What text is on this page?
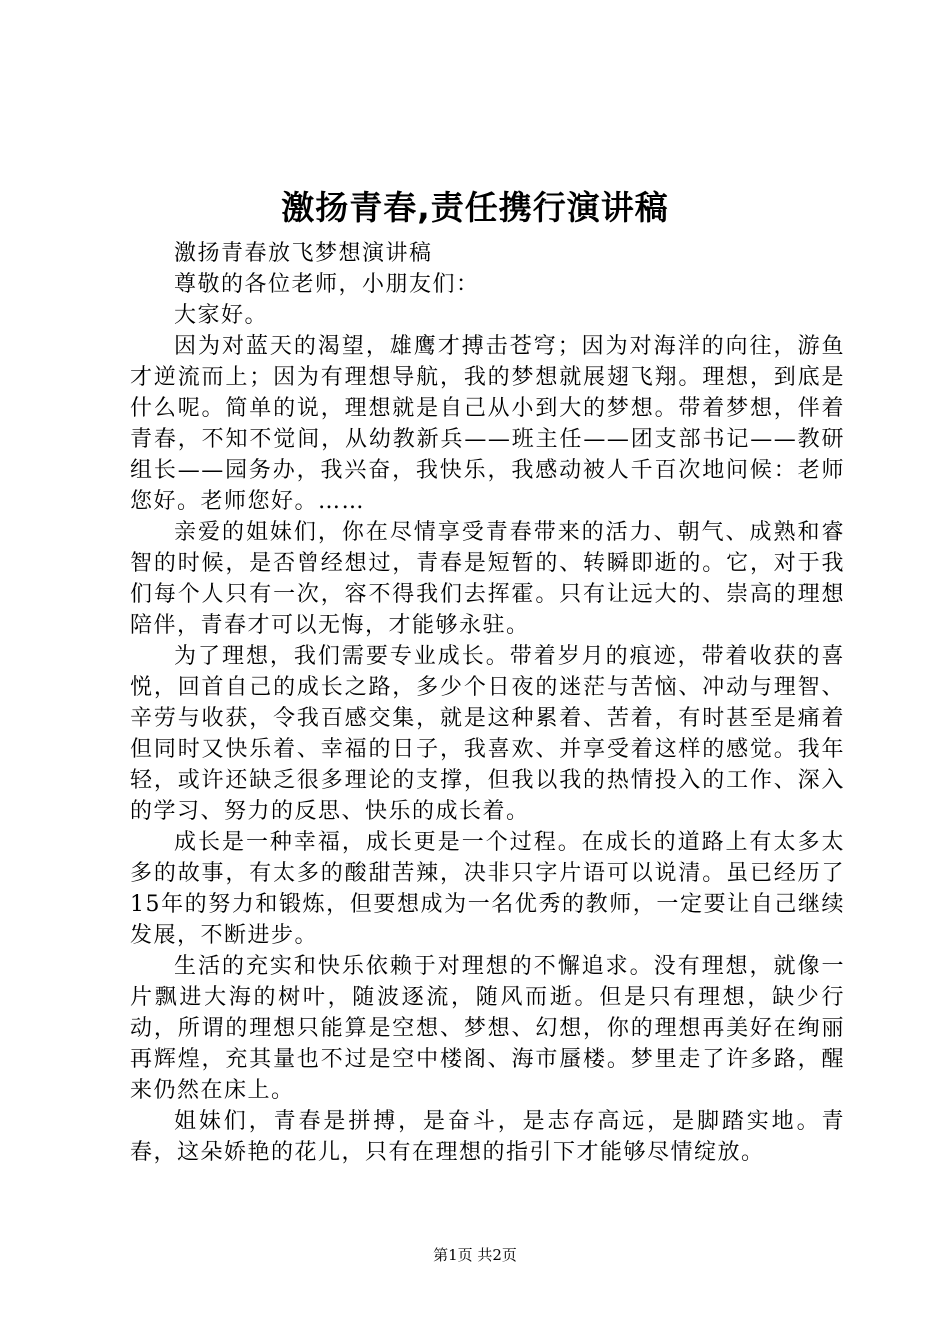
激扬青春,责任携行演讲稿

激扬青春放飞梦想演讲稿

尊敬的各位老师，小朋友们：

大家好。

因为对蓝天的渴望，雄鹰才搏击苍穹；因为对海洋的向往，游鱼才逆流而上；因为有理想导航，我的梦想就展翅飞翔。理想，到底是什么呢。简单的说，理想就是自己从小到大的梦想。带着梦想，伴着青春，不知不觉间，从幼教新兵——班主任——团支部书记——教研组长——园务办，我兴奋，我快乐，我感动被人千百次地问候：老师您好。老师您好。……

亲爱的姐妹们，你在尽情享受青春带来的活力、朝气、成熟和睿智的时候，是否曾经想过，青春是短暂的、转瞬即逝的。它，对于我们每个人只有一次，容不得我们去挥霍。只有让远大的、崇高的理想陪伴，青春才可以无悔，才能够永驻。

为了理想，我们需要专业成长。带着岁月的痕迹，带着收获的喜悦，回首自己的成长之路，多少个日夜的迷茫与苦恼、冲动与理智、辛劳与收获，令我百感交集，就是这种累着、苦着，有时甚至是痛着但同时又快乐着、幸福的日子，我喜欢、并享受着这样的感觉。我年轻，或许还缺乏很多理论的支撑，但我以我的热情投入的工作、深入的学习、努力的反思、快乐的成长着。

成长是一种幸福，成长更是一个过程。在成长的道路上有太多太多的故事，有太多的酸甜苦辣，决非只字片语可以说清。虽已经历了15年的努力和锻炼，但要想成为一名优秀的教师，一定要让自己继续发展，不断进步。

生活的充实和快乐依赖于对理想的不懈追求。没有理想，就像一片飘进大海的树叶，随波逐流，随风而逝。但是只有理想，缺少行动，所谓的理想只能算是空想、梦想、幻想，你的理想再美好在绚丽再辉煌，充其量也不过是空中楼阁、海市蜃楼。梦里走了许多路，醒来仍然在床上。

姐妹们，青春是拼搏，是奋斗，是志存高远，是脚踏实地。青春，这朵娇艳的花儿，只有在理想的指引下才能够尽情绽放。

第1页 共2页
